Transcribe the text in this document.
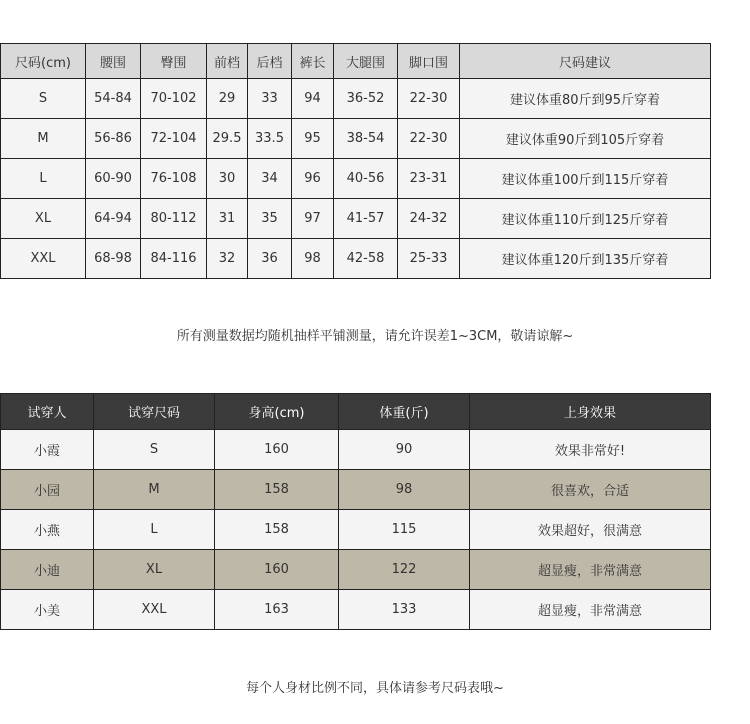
尺码(cm)	腰围	臀围	前档	后档	裤长	大腿围	脚口围	尺码建议
S	54-84	70-102	29	33	94	36-52	22-30	建议体重80斤到95斤穿着
M	56-86	72-104	29.5	33.5	95	38-54	22-30	建议体重90斤到105斤穿着
L	60-90	76-108	30	34	96	40-56	23-31	建议体重100斤到115斤穿着
XL	64-94	80-112	31	35	97	41-57	24-32	建议体重110斤到125斤穿着
XXL	68-98	84-116	32	36	98	42-58	25-33	建议体重120斤到135斤穿着
所有测量数据均随机抽样平铺测量，请允许误差1~3CM，敬请谅解~
试穿人	试穿尺码	身高(cm)	体重(斤)	上身效果
小霞	S	160	90	效果非常好!
小园	M	158	98	很喜欢，合适
小燕	L	158	115	效果超好，很满意
小迪	XL	160	122	超显瘦，非常满意
小美	XXL	163	133	超显瘦，非常满意
每个人身材比例不同，具体请参考尺码表哦~
